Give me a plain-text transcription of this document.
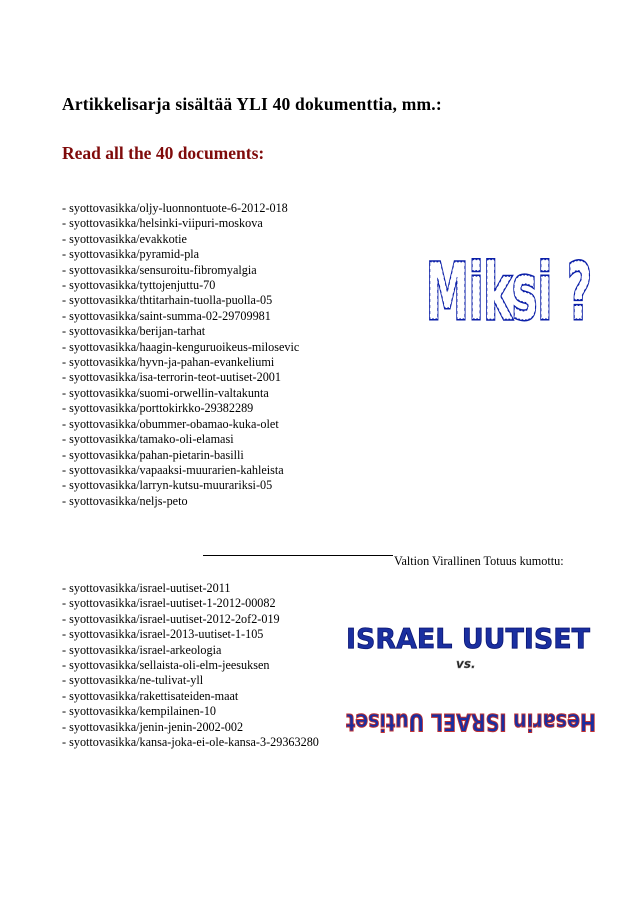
Artikkelisarja sisältää YLI 40 dokumenttia, mm.:
Read all the 40 documents:
- syottovasikka/oljy-luonnontuote-6-2012-018
- syottovasikka/helsinki-viipuri-moskova
- syottovasikka/evakkotie
- syottovasikka/pyramid-pla
- syottovasikka/sensuroitu-fibromyalgia
- syottovasikka/tyttojenjuttu-70
- syottovasikka/thtitarhain-tuolla-puolla-05
- syottovasikka/saint-summa-02-29709981
- syottovasikka/berijan-tarhat
- syottovasikka/haagin-kenguruoikeus-milosevic
- syottovasikka/hyvn-ja-pahan-evankeliumi
- syottovasikka/isa-terrorin-teot-uutiset-2001
- syottovasikka/suomi-orwellin-valtakunta
- syottovasikka/porttokirkko-29382289
- syottovasikka/obummer-obamao-kuka-olet
- syottovasikka/tamako-oli-elamasi
- syottovasikka/pahan-pietarin-basilli
- syottovasikka/vapaaksi-muurarien-kahleista
- syottovasikka/larryn-kutsu-muurariksi-05
- syottovasikka/neljs-peto
Miksi ?
Miksi ?
Valtion Virallinen Totuus kumottu:
- syottovasikka/israel-uutiset-2011
- syottovasikka/israel-uutiset-1-2012-00082
- syottovasikka/israel-uutiset-2012-2of2-019
- syottovasikka/israel-2013-uutiset-1-105
- syottovasikka/israel-arkeologia
- syottovasikka/sellaista-oli-elm-jeesuksen
- syottovasikka/ne-tulivat-yll
- syottovasikka/rakettisateiden-maat
- syottovasikka/kempilainen-10
- syottovasikka/jenin-jenin-2002-002
- syottovasikka/kansa-joka-ei-ole-kansa-3-29363280
ISRAEL UUTISET
vs.
Hesarin ISRAEL Uutiset
